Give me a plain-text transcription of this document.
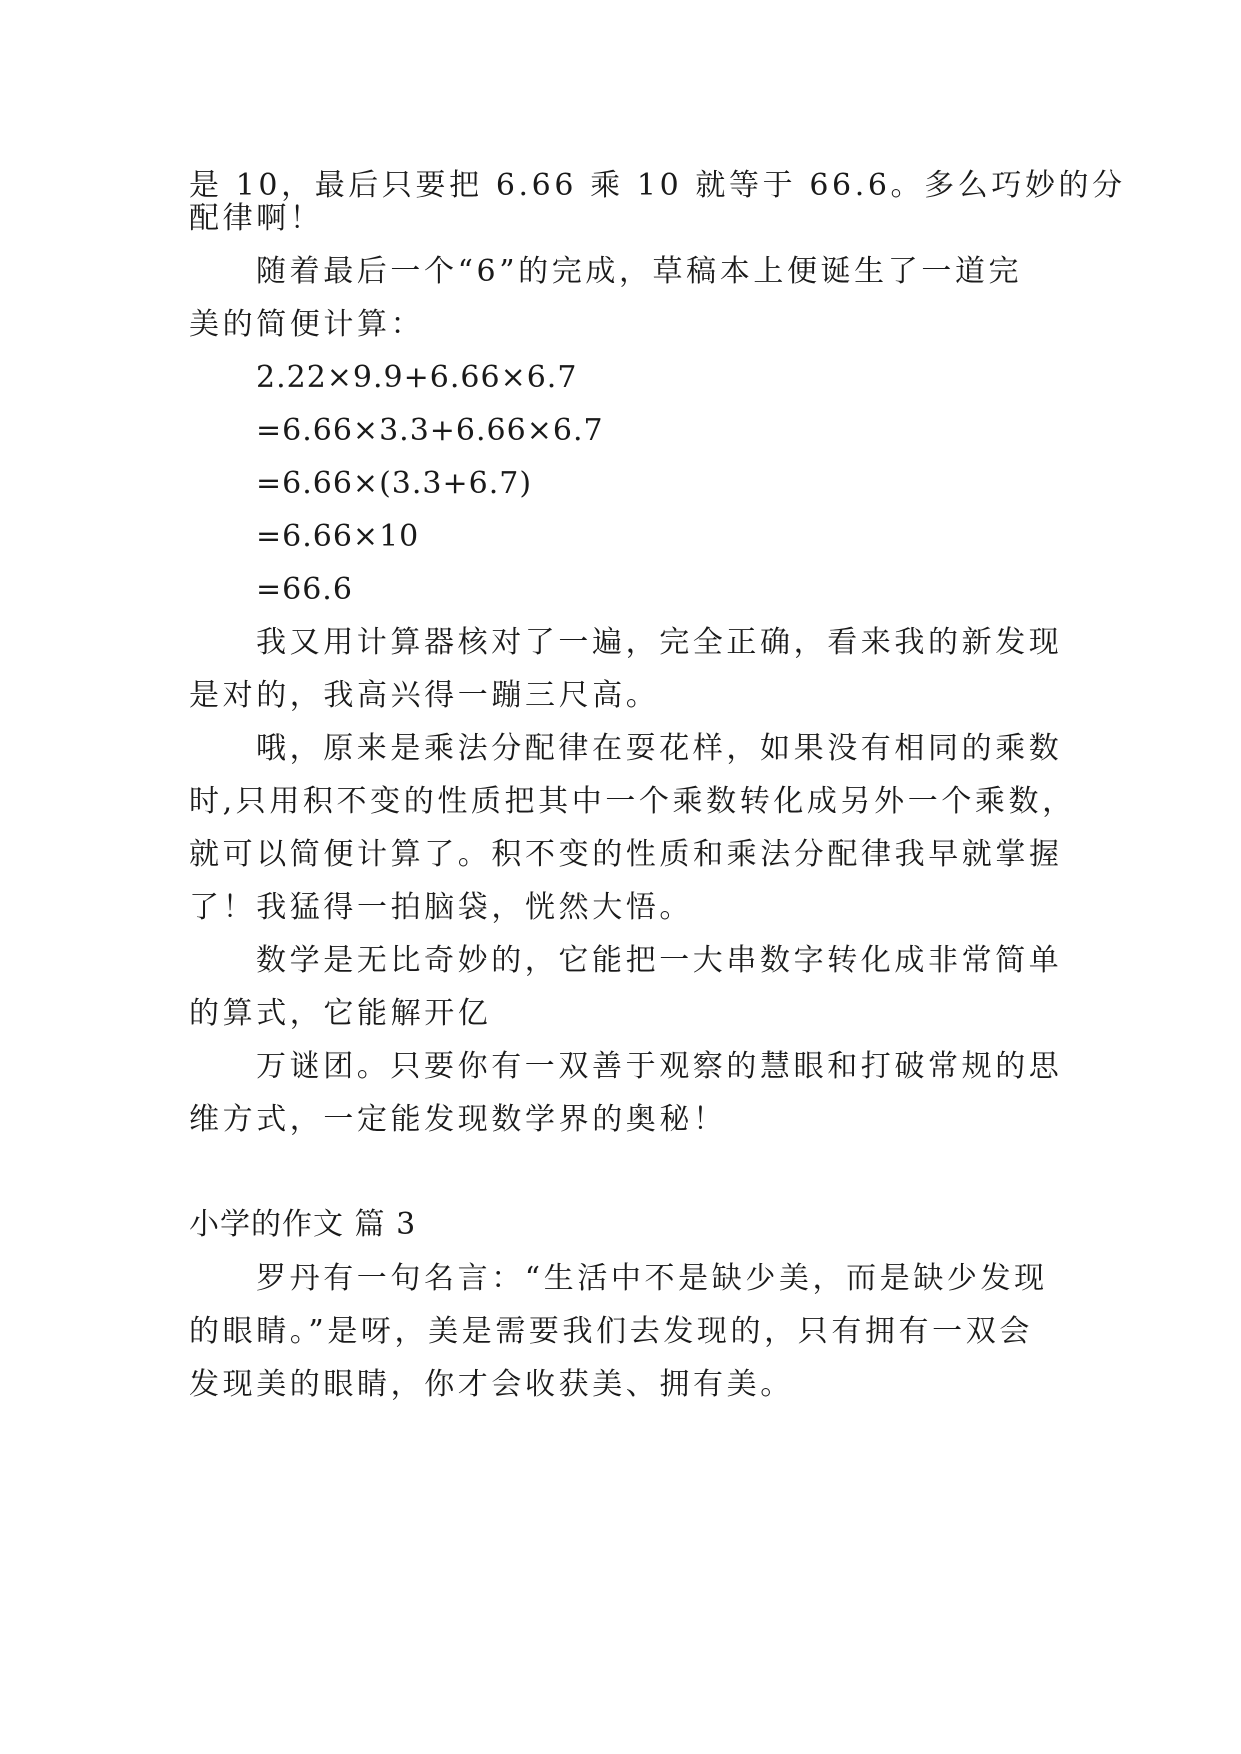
是 10，最后只要把 6.66 乘 10 就等于 66.6。多么巧妙的分
配律啊！
随着最后一个“6”的完成，草稿本上便诞生了一道完
美的简便计算：
2.22×9.9+6.66×6.7
=6.66×3.3+6.66×6.7
=6.66×(3.3+6.7)
=6.66×10
=66.6
我又用计算器核对了一遍，完全正确，看来我的新发现
是对的，我高兴得一蹦三尺高。
哦，原来是乘法分配律在耍花样，如果没有相同的乘数
时,只用积不变的性质把其中一个乘数转化成另外一个乘数，
就可以简便计算了。积不变的性质和乘法分配律我早就掌握
了！我猛得一拍脑袋，恍然大悟。
数学是无比奇妙的，它能把一大串数字转化成非常简单
的算式，它能解开亿
万谜团。只要你有一双善于观察的慧眼和打破常规的思
维方式，一定能发现数学界的奥秘！
小学的作文 篇 3
罗丹有一句名言：“生活中不是缺少美，而是缺少发现
的眼睛。”是呀，美是需要我们去发现的，只有拥有一双会
发现美的眼睛，你才会收获美、拥有美。
